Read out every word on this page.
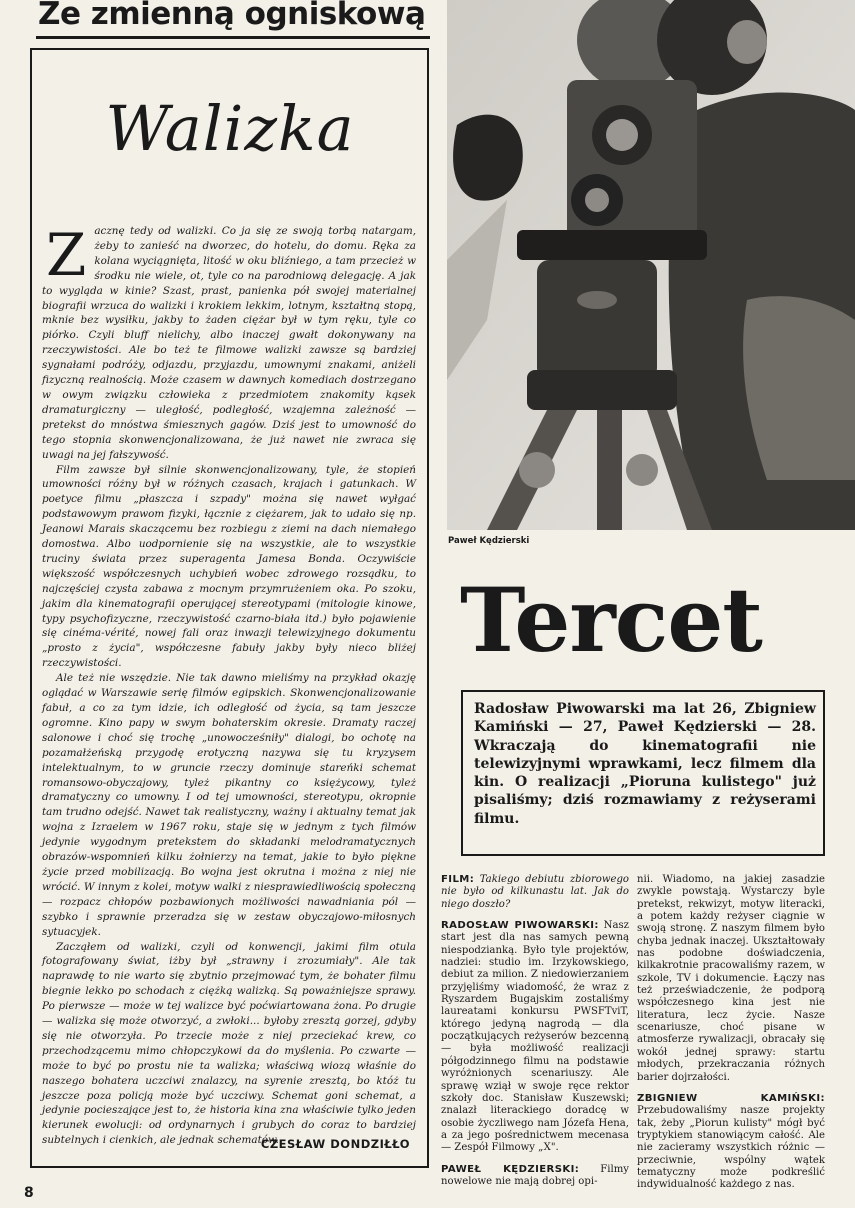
Ze zmienną ogniskową
Walizka

Zacznę tedy od walizki. Co ja się ze swoją torbą natargam, żeby to zanieść na dworzec, do hotelu, do domu. Ręka za kolana wyciągnięta, litość w oku bliźniego, a tam przecież w środku nie wiele, ot, tyle co na parodniową delegację. A jak to wygląda w kinie? Szast, prast, panienka pół swojej materialnej biografii wrzuca do walizki i krokiem lekkim, lotnym, kształtną stopą, mknie bez wysiłku, jakby to żaden ciężar był w tym ręku, tyle co piórko. Czyli bluff nielichy, albo inaczej gwałt dokonywany na rzeczywistości. Ale bo też te filmowe walizki zawsze są bardziej sygnałami podróży, odjazdu, przyjazdu, umownymi znakami, aniżeli fizyczną realnością. Może czasem w dawnych komediach dostrzegano w owym związku człowieka z przedmiotem znakomity kąsek dramaturgiczny — uległość, podległość, wzajemna zależność — pretekst do mnóstwa śmiesznych gagów. Dziś jest to umowność do tego stopnia skonwencjonalizowana, że już nawet nie zwraca się uwagi na jej fałszywość.

Film zawsze był silnie skonwencjonalizowany, tyle, że stopień umowności różny był w różnych czasach, krajach i gatunkach. W poetyce filmu „płaszcza i szpady" można się nawet wyłgać podstawowym prawom fizyki, łącznie z ciężarem, jak to udało się np. Jeanowi Marais skaczącemu bez rozbiegu z ziemi na dach niemałego domostwa. Albo uodpornienie się na wszystkie, ale to wszystkie truciny świata przez superagenta Jamesa Bonda. Oczywiście większość współczesnych uchybień wobec zdrowego rozsądku, to najczęściej czysta zabawa z mocnym przymrużeniem oka. Po szoku, jakim dla kinematografii operującej stereotypami (mitologie kinowe, typy psychofizyczne, rzeczywistość czarno-biała itd.) było pojawienie się cinéma-vérité, nowej fali oraz inwazji telewizyjnego dokumentu „prosto z życia", współczesne fabuły jakby były nieco bliżej rzeczywistości.

Ale też nie wszędzie. Nie tak dawno mieliśmy na przykład okazję oglądać w Warszawie serię filmów egipskich. Skonwencjonalizowanie fabuł, a co za tym idzie, ich odległość od życia, są tam jeszcze ogromne. Kino papy w swym bohaterskim okresie. Dramaty raczej salonowe i choć się trochę „unowocześniły" dialogi, bo ochotę na pozamałżeńską przygodę erotyczną nazywa się tu kryzysem intelektualnym, to w gruncie rzeczy dominuje stareńki schemat romansowo-obyczajowy, tyleż pikantny co księżycowy, tyleż dramatyczny co umowny. I od tej umowności, stereotypu, okropnie tam trudno odejść. Nawet tak realistyczny, ważny i aktualny temat jak wojna z Izraelem w 1967 roku, staje się w jednym z tych filmów jedynie wygodnym pretekstem do składanki melodramatycznych obrazów-wspomnień kilku żołnierzy na temat, jakie to było piękne życie przed mobilizacją. Bo wojna jest okrutna i można z niej nie wrócić. W innym z kolei, motyw walki z niesprawiedliwością społeczną — rozpacz chłopów pozbawionych możliwości nawadniania pól — szybko i sprawnie przeradza się w zestaw obyczajowo-miłosnych sytuacyjek.

Zacząłem od walizki, czyli od konwencji, jakimi film otula fotografowany świat, iżby był „strawny i zrozumiały". Ale tak naprawdę to nie warto się zbytnio przejmować tym, że bohater filmu biegnie lekko po schodach z ciężką walizką. Są poważniejsze sprawy. Po pierwsze — może w tej walizce być poćwiartowana żona. Po drugie — walizka się może otworzyć, a zwłoki... byłoby zresztą gorzej, gdyby się nie otworzyła. Po trzecie może z niej przeciekać krew, co przechodzącemu mimo chłopczykowi da do myślenia. Po czwarte — może to być po prostu nie ta walizka; właściwą wiozą właśnie do naszego bohatera uczciwi znalazcy, na syrenie zresztą, bo któż tu jeszcze poza policją może być uczciwy. Schemat goni schemat, a jedynie pocieszające jest to, że historia kina zna właściwie tylko jeden kierunek ewolucji: od ordynarnych i grubych do coraz to bardziej subtelnych i cienkich, ale jednak schematów.

CZESŁAW DONDZIŁŁO
8
Paweł Kędzierski
Tercet
Radosław Piwowarski ma lat 26, Zbigniew Kamiński — 27, Paweł Kędzierski — 28. Wkraczają do kinematografii nie telewizyjnymi wprawkami, lecz filmem dla kin. O realizacji „Pioruna kulistego" już pisaliśmy; dziś rozmawiamy z reżyserami filmu.

FILM: Takiego debiutu zbiorowego nie było od kilkunastu lat. Jak do niego doszło?

RADOSŁAW PIWOWARSKI: Nasz start jest dla nas samych pewną niespodzianką. Było tyle projektów, nadziei: studio im. Irzykowskiego, debiut za milion. Z niedowierzaniem przyjęliśmy wiadomość, że wraz z Ryszardem Bugajskim zostaliśmy laureatami konkursu PWSFTviT, którego jedyną nagrodą — dla początkujących reżyserów bezcenną — była możliwość realizacji półgodzinnego filmu na podstawie wyróżnionych scenariuszy. Ale sprawę wziął w swoje ręce rektor szkoły doc. Stanisław Kuszewski; znalazł literackiego doradcę w osobie życzliwego nam Józefa Hena, a za jego pośrednictwem mecenasa — Zespół Filmowy „X".

PAWEŁ KĘDZIERSKI: Filmy nowelowe nie mają dobrej opi-

nii. Wiadomo, na jakiej zasadzie zwykle powstają. Wystarczy byle pretekst, rekwizyt, motyw literacki, a potem każdy reżyser ciągnie w swoją stronę. Z naszym filmem było chyba jednak inaczej. Ukształtowały nas podobne doświadczenia, kilkakrotnie pracowaliśmy razem, w szkole, TV i dokumencie. Łączy nas też przeświadczenie, że podporą współczesnego kina jest nie literatura, lecz życie. Nasze scenariusze, choć pisane w atmosferze rywalizacji, obracały się wokół jednej sprawy: startu młodych, przekraczania różnych barier dojrzałości.

ZBIGNIEW KAMIŃSKI: Przebudowaliśmy nasze projekty tak, żeby „Piorun kulisty" mógł być tryptykiem stanowiącym całość. Ale nie zacieramy wszystkich różnic — przeciwnie, wspólny wątek tematyczny może podkreślić indywidualność każdego z nas.
